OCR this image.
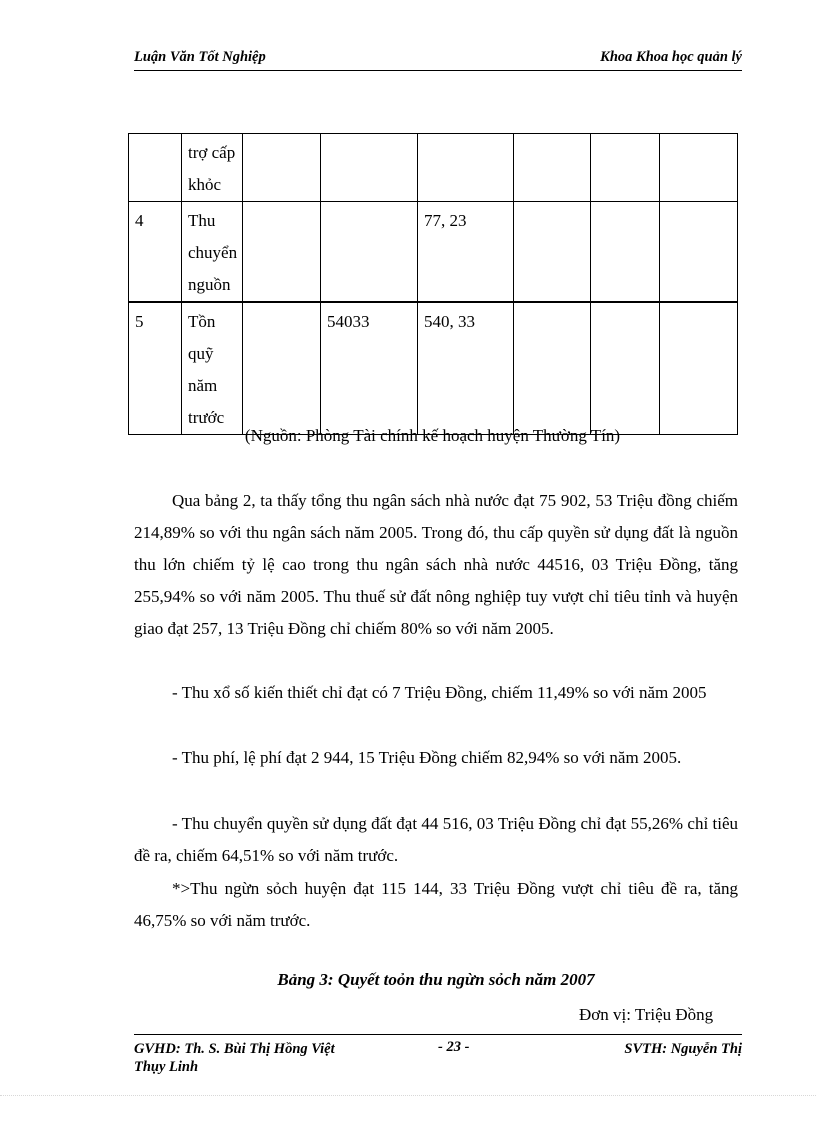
Luận Văn Tốt Nghiệp	Khoa Khoa học quản lý
	trợ cấp khỏc						
4	Thu chuyển nguồn			77, 23			
5	Tồn quỹ năm trước		54033	540, 33			
(Nguồn: Phòng Tài chính kế hoạch huyện Thường Tín)
Qua bảng 2, ta thấy tổng thu ngân sách nhà nước đạt 75 902, 53 Triệu đồng chiếm 214,89% so với thu ngân sách năm 2005. Trong đó, thu cấp quyền sử dụng đất là nguồn thu lớn chiếm tỷ lệ cao trong thu ngân sách nhà nước 44516, 03 Triệu Đồng, tăng 255,94% so với năm 2005. Thu thuế sử đất nông nghiệp tuy vượt chỉ tiêu tỉnh và huyện giao đạt 257, 13 Triệu Đồng chỉ chiếm 80% so với năm 2005.
- Thu xổ số kiến thiết chỉ đạt có 7 Triệu Đồng, chiếm 11,49% so với năm 2005
- Thu phí, lệ phí đạt 2 944, 15 Triệu Đồng chiếm 82,94% so với năm 2005.
- Thu chuyển quyền sử dụng đất đạt 44 516, 03 Triệu Đồng chỉ đạt 55,26% chỉ tiêu đề ra, chiếm 64,51% so với năm trước.
*>Thu ngừn sỏch huyện đạt 115 144, 33 Triệu Đồng vượt chỉ tiêu đề ra, tăng 46,75% so với năm trước.
Bảng 3: Quyết toỏn thu ngừn sỏch năm 2007
Đơn vị: Triệu Đồng
GVHD: Th. S. Bùi Thị Hồng Việt	- 23 -	SVTH: Nguyễn Thị
Thụy Linh
